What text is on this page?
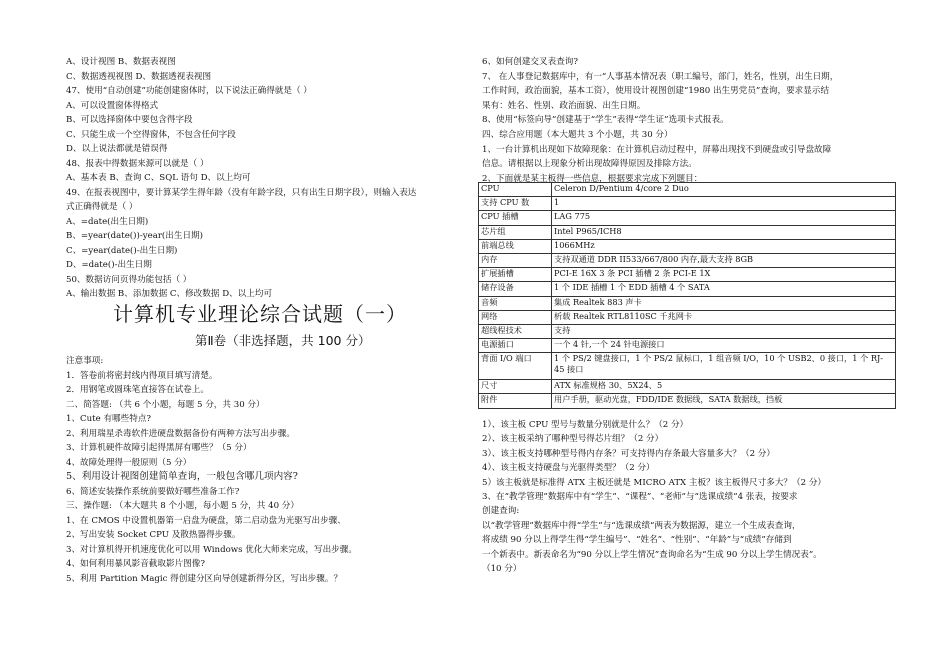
A、设计视图 B、数据表视图
C、数据透视视图 D、数据透视表视图
47、使用“自动创建”功能创建窗体时，以下说法正确得就是（ ）
A、可以设置窗体得格式
B、可以选择窗体中要包含得字段
C、只能生成一个空得窗体，不包含任何字段
D、以上说法都就是错误得
48、报表中得数据来源可以就是（ ）
A、基本表 B、查询 C、SQL 语句 D、以上均可
49、在报表视图中，要计算某学生得年龄（没有年龄字段，只有出生日期字段），则输入表达
式正确得就是（ ）
A、=date(出生日期)
B、=year(date())-year(出生日期)
C、=year(date()-出生日期)
D、=date()-出生日期
50、数据访问页得功能包括（ ）
A、输出数据 B、添加数据 C、修改数据 D、以上均可
计算机专业理论综合试题（一）
第Ⅱ卷（非选择题，共 100 分）
注意事项:
1．答卷前将密封线内得项目填写清楚。
2．用钢笔或圆珠笔直接答在试卷上。
二、简答题: （共 6 个小题，每题 5 分，共 30 分）
1、Cute 有哪些特点?
2、利用瑞星杀毒软件进硬盘数据备份有两种方法写出步骤。
3、计算机硬件故障引起得黑屏有哪些？（5 分）
4、故障处理得一般原则（5 分）
5、利用设计视图创建简单查询，一般包含哪几项内容?
6、简述安装操作系统前要做好哪些准备工作?
三、操作题: （本大题共 8 个小题，每小题 5 分，共 40 分）
1、在 CMOS 中设置机器第一启盘为硬盘，第二启动盘为光驱写出步骤、
2、写出安装 Socket CPU 及散热器得步骤。
3、对计算机得开机速度优化可以用 Windows 优化大师来完成，写出步骤。
4、如何利用暴风影音截取影片图像?
5、利用 Partition Magic 得创建分区向导创建新得分区，写出步骤。？
6、如何创建交叉表查询?
7、 在人事登记数据库中，有一“人事基本情况表（职工编号，部门，姓名，性别，出生日期，
工作时间，政治面貌，基本工资），使用设计视图创建“1980 出生男党员”查询，要求显示结
果有：姓名、性别、政治面貌、出生日期。
8、使用“标签向导”创建基于“学生”表得“学生证”选项卡式报表。
四、综合应用题（本大题共 3 个小题，共 30 分）
1、一台计算机出现如下故障现象：在计算机启动过程中，屏幕出现找不到硬盘或引导盘故障
信息。请根据以上现象分析出现故障得原因及排除方法。
2、下面就是某主板得一些信息，根据要求完成下列题目：
CPU	Celeron D/Pentium 4/core 2 Duo
支持 CPU 数	1
CPU 插槽	LAG 775
芯片组	Intel P965/ICH8
前端总线	1066MHz
内存	支持双通道 DDR II533/667/800 内存,最大支持 8GB
扩展插槽	PCI-E 16X 3 条 PCI 插槽 2 条 PCI-E 1X
储存设备	1 个 IDE 插槽 1 个 EDD 插槽 4 个 SATA
音频	集成 Realtek 883 声卡
网络	析载 Realtek RTL8110SC 千兆网卡
超线程技术	支持
电源插口	一个 4 针,一个 24 针电源接口
背面 I/O 端口	1 个 PS/2 键盘接口，1 个 PS/2 鼠标口，1 组音频 I/O，10 个 USB2、0 接口，1 个 RJ-45 接口
尺寸	ATX 标准规格 30、5X24、5
附件	用户手册，驱动光盘，FDD/IDE 数据线，SATA 数据线，挡板
1）、该主板 CPU 型号与数量分别就是什么？（2 分）
2）、该主板采纳了哪种型号得芯片组？（2 分）
3）、该主板支持哪种型号得内存条？可支持得内存条最大容量多大？（2 分）
4）、该主板支持硬盘与光驱得类型？（2 分）
5）该主板就是标准得 ATX 主板还就是 MICRO ATX 主板？该主板得尺寸多大？（2 分）
3、在“教学管理”数据库中有“学生”、“课程”、“老师”与“选课成绩”4 张表，按要求
创建查询:
以“教学管理”数据库中得“学生”与“选课成绩“两表为数据源，建立一个生成表查询，
将成绩 90 分以上得学生得“学生编号”、“姓名”、“性别”、“年龄”与“成绩”存储到
一个新表中。新表命名为“90 分以上学生情况”查询命名为“生成 90 分以上学生情况表”。
（10 分）
